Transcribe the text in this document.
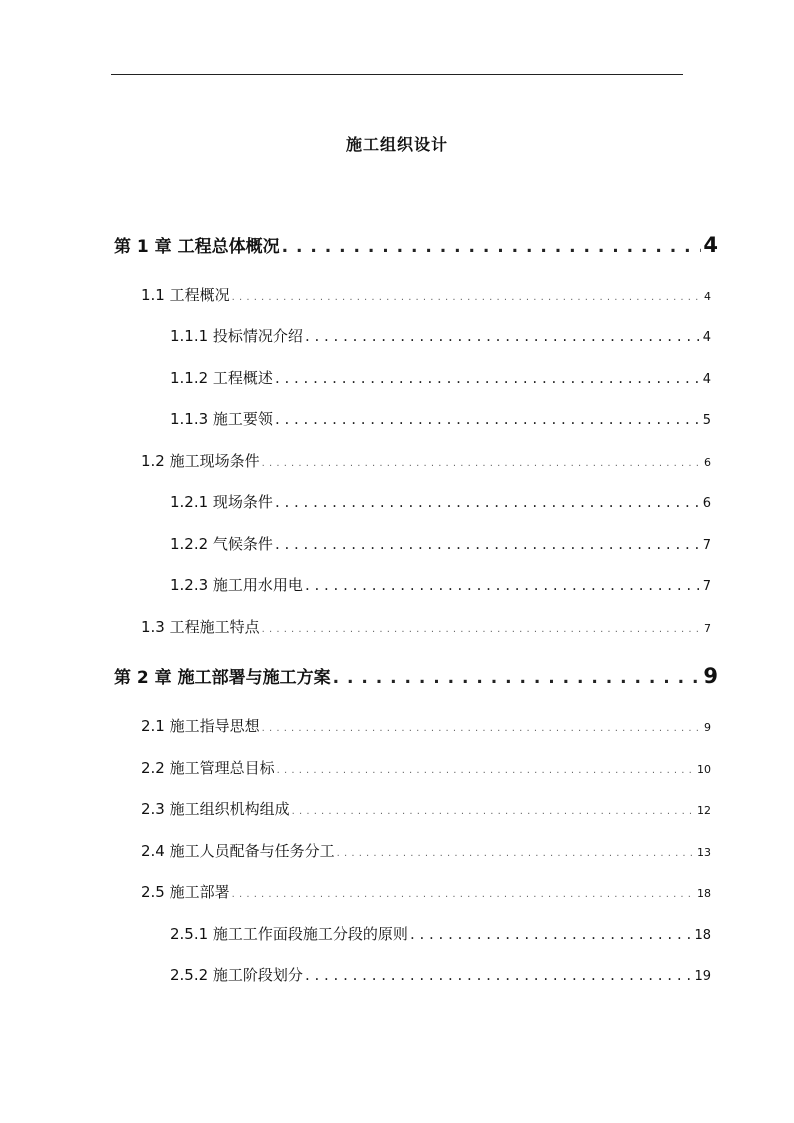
施工组织设计
第 1 章 工程总体概况 . . .	4
1.1 工程概况 . . .	4
1.1.1 投标情况介绍 . . .	4
1.1.2 工程概述 . . .	4
1.1.3 施工要领 . . .	5
1.2 施工现场条件 . . .	6
1.2.1 现场条件 . . .	6
1.2.2 气候条件 . . .	7
1.2.3 施工用水用电 . . .	7
1.3 工程施工特点 . . .	7
第 2 章 施工部署与施工方案 . . .	9
2.1 施工指导思想 . . .	9
2.2 施工管理总目标 . . .	10
2.3 施工组织机构组成 . . .	12
2.4 施工人员配备与任务分工 . . .	13
2.5 施工部署 . . .	18
2.5.1 施工工作面段施工分段的原则 . . .	18
2.5.2 施工阶段划分 . . .	19
